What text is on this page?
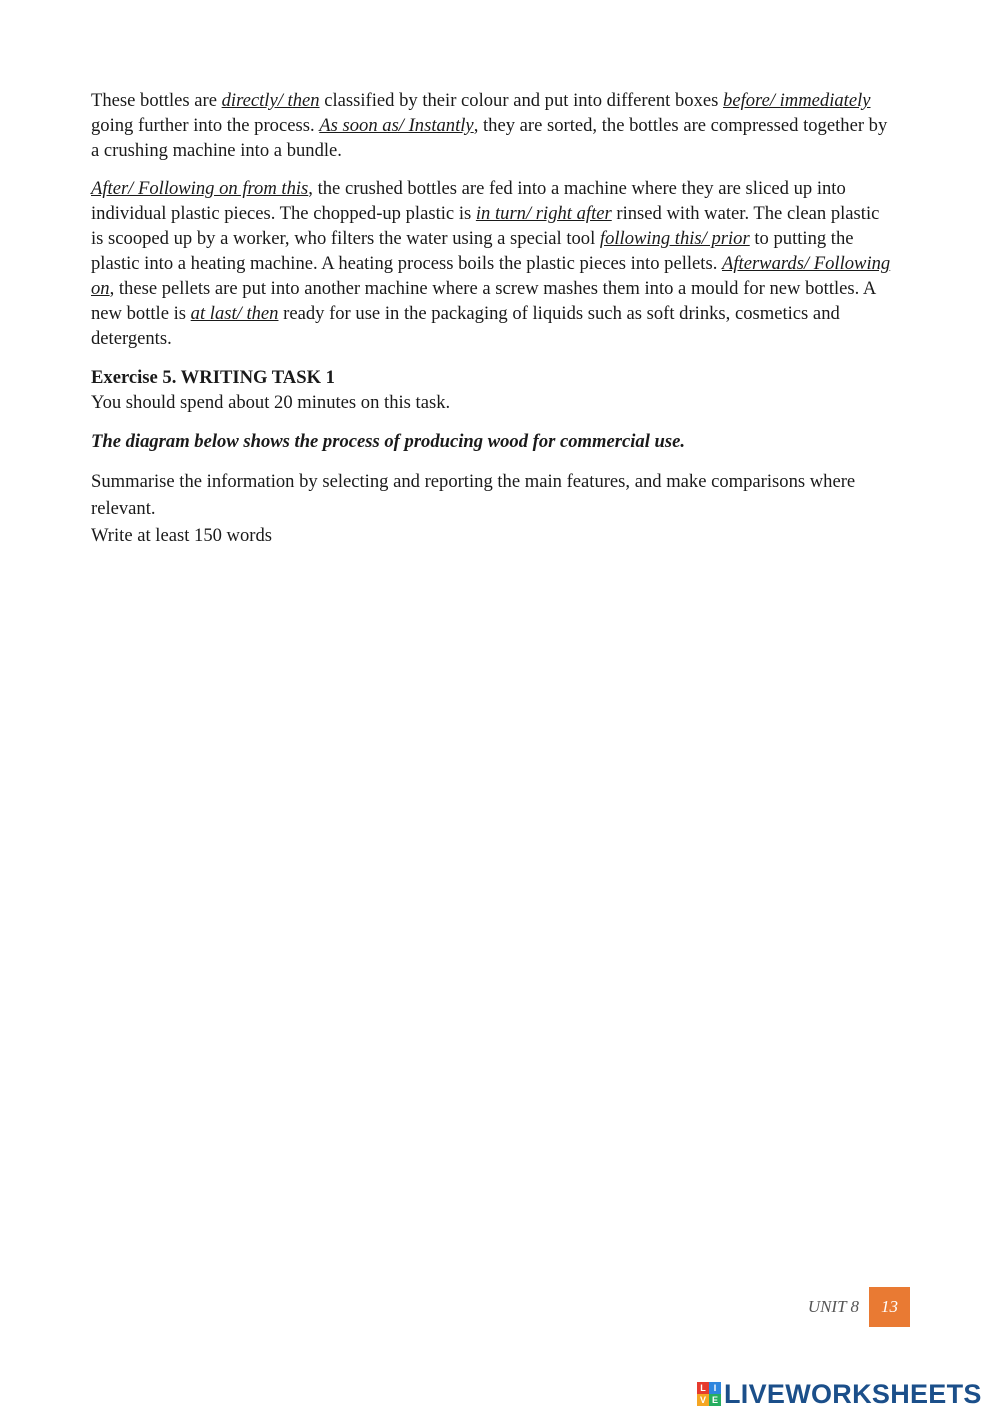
These bottles are directly/ then classified by their colour and put into different boxes before/ immediately going further into the process. As soon as/ Instantly, they are sorted, the bottles are compressed together by a crushing machine into a bundle.

After/ Following on from this, the crushed bottles are fed into a machine where they are sliced up into individual plastic pieces. The chopped-up plastic is in turn/ right after rinsed with water. The clean plastic is scooped up by a worker, who filters the water using a special tool following this/ prior to putting the plastic into a heating machine. A heating process boils the plastic pieces into pellets. Afterwards/ Following on, these pellets are put into another machine where a screw mashes them into a mould for new bottles. A new bottle is at last/ then ready for use in the packaging of liquids such as soft drinks, cosmetics and detergents.

Exercise 5. WRITING TASK 1

You should spend about 20 minutes on this task.

The diagram below shows the process of producing wood for commercial use.

Summarise the information by selecting and reporting the main features, and make comparisons where relevant.

Write at least 150 words

UNIT 8	13
L I
V E LIVEWORKSHEETS
